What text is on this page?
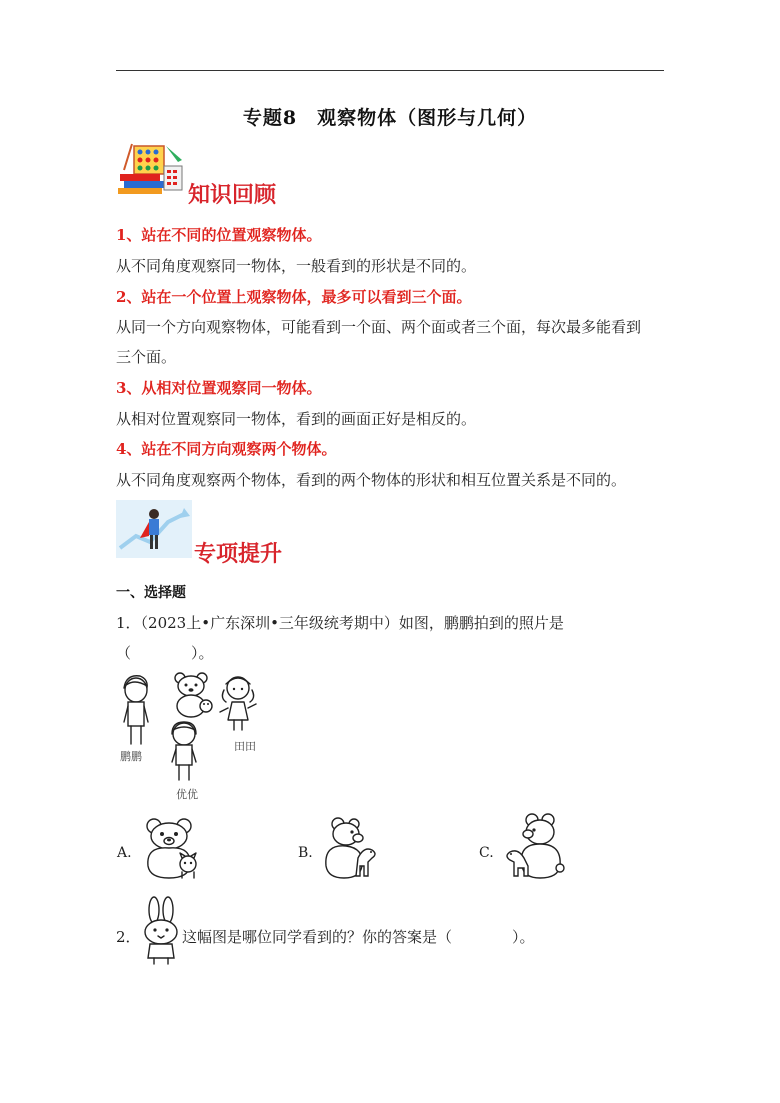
专题8　观察物体（图形与几何）
知识回顾
1、站在不同的位置观察物体。
从不同角度观察同一物体，一般看到的形状是不同的。
2、站在一个位置上观察物体，最多可以看到三个面。
从同一个方向观察物体，可能看到一个面、两个面或者三个面，每次最多能看到
三个面。
3、从相对位置观察同一物体。
从相对位置观察同一物体，看到的画面正好是相反的。
4、站在不同方向观察两个物体。
从不同角度观察两个物体，看到的两个物体的形状和相互位置关系是不同的。
专项提升
一、选择题
1．（2023上•广东深圳•三年级统考期中）如图，鹏鹏拍到的照片是
（　　　　）。
鹏鹏
田田
优优
A.	B.	C.
2．	这幅图是哪位同学看到的？你的答案是（　　　　）。
